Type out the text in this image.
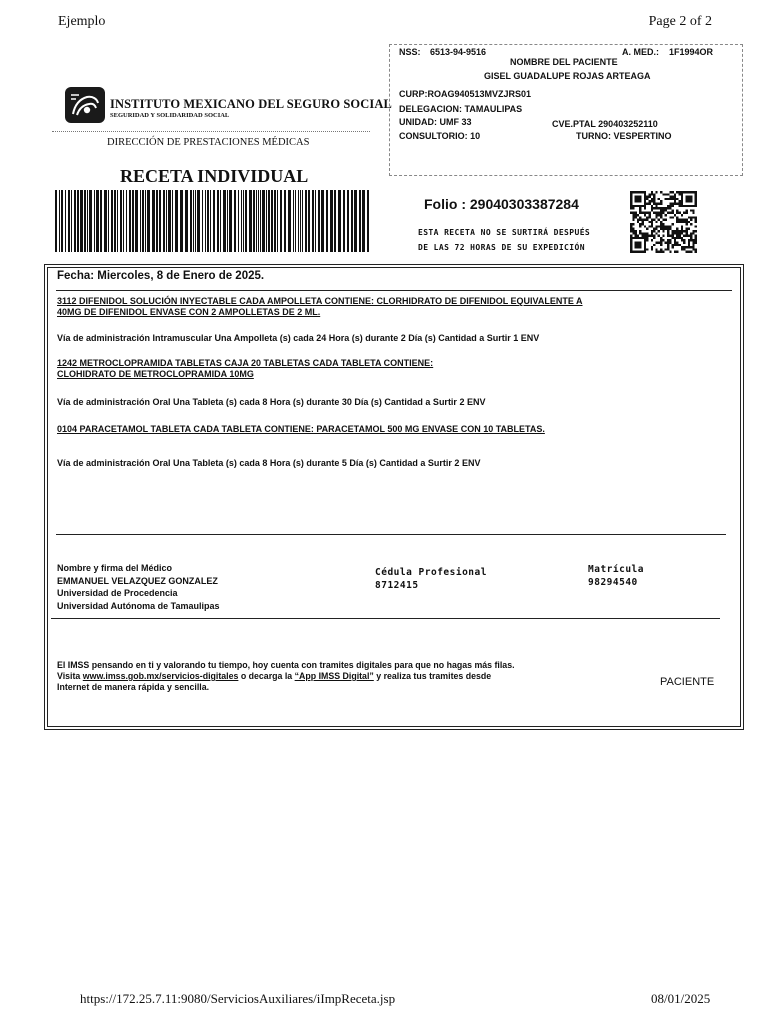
Ejemplo	Page 2 of 2
NSS: 6513-94-9516	A. MED.: 1F1994OR
NOMBRE DEL PACIENTE
GISEL GUADALUPE ROJAS ARTEAGA
CURP:ROAG940513MVZJRS01
DELEGACION: TAMAULIPAS
UNIDAD: UMF 33	CVE.PTAL 290403252110
CONSULTORIO: 10	TURNO: VESPERTINO
INSTITUTO MEXICANO DEL SEGURO SOCIAL
SEGURIDAD Y SOLIDARIDAD SOCIAL
DIRECCIÓN DE PRESTACIONES MÉDICAS
RECETA INDIVIDUAL
Folio : 29040303387284
ESTA RECETA NO SE SURTIRÁ DESPUÉS
DE LAS 72 HORAS DE SU EXPEDICIÓN
Fecha: Miercoles, 8 de Enero de 2025.
3112 DIFENIDOL SOLUCIÓN INYECTABLE CADA AMPOLLETA CONTIENE: CLORHIDRATO DE DIFENIDOL EQUIVALENTE A
40MG DE DIFENIDOL ENVASE CON 2 AMPOLLETAS DE 2 ML.
Vía de administración Intramuscular Una Ampolleta (s) cada 24 Hora (s) durante 2 Día (s) Cantidad a Surtir 1 ENV
1242 METROCLOPRAMIDA TABLETAS CAJA 20 TABLETAS CADA TABLETA CONTIENE:
CLOHIDRATO DE METROCLOPRAMIDA 10MG
Vía de administración Oral Una Tableta (s) cada 8 Hora (s) durante 30 Día (s) Cantidad a Surtir 2 ENV
0104 PARACETAMOL TABLETA CADA TABLETA CONTIENE: PARACETAMOL 500 MG ENVASE CON 10 TABLETAS.
Vía de administración Oral Una Tableta (s) cada 8 Hora (s) durante 5 Día (s) Cantidad a Surtir 2 ENV
Nombre y firma del Médico
EMMANUEL VELAZQUEZ GONZALEZ
Universidad de Procedencia
Universidad Autónoma de Tamaulipas
Cédula Profesional
8712415
Matrícula
98294540
El IMSS pensando en ti y valorando tu tiempo, hoy cuenta con tramites digitales para que no hagas más filas.
Visita www.imss.gob.mx/servicios-digitales o decarga la “App IMSS Digital” y realiza tus tramites desde
Internet de manera rápida y sencilla.	PACIENTE
https://172.25.7.11:9080/ServiciosAuxiliares/iImpReceta.jsp	08/01/2025
